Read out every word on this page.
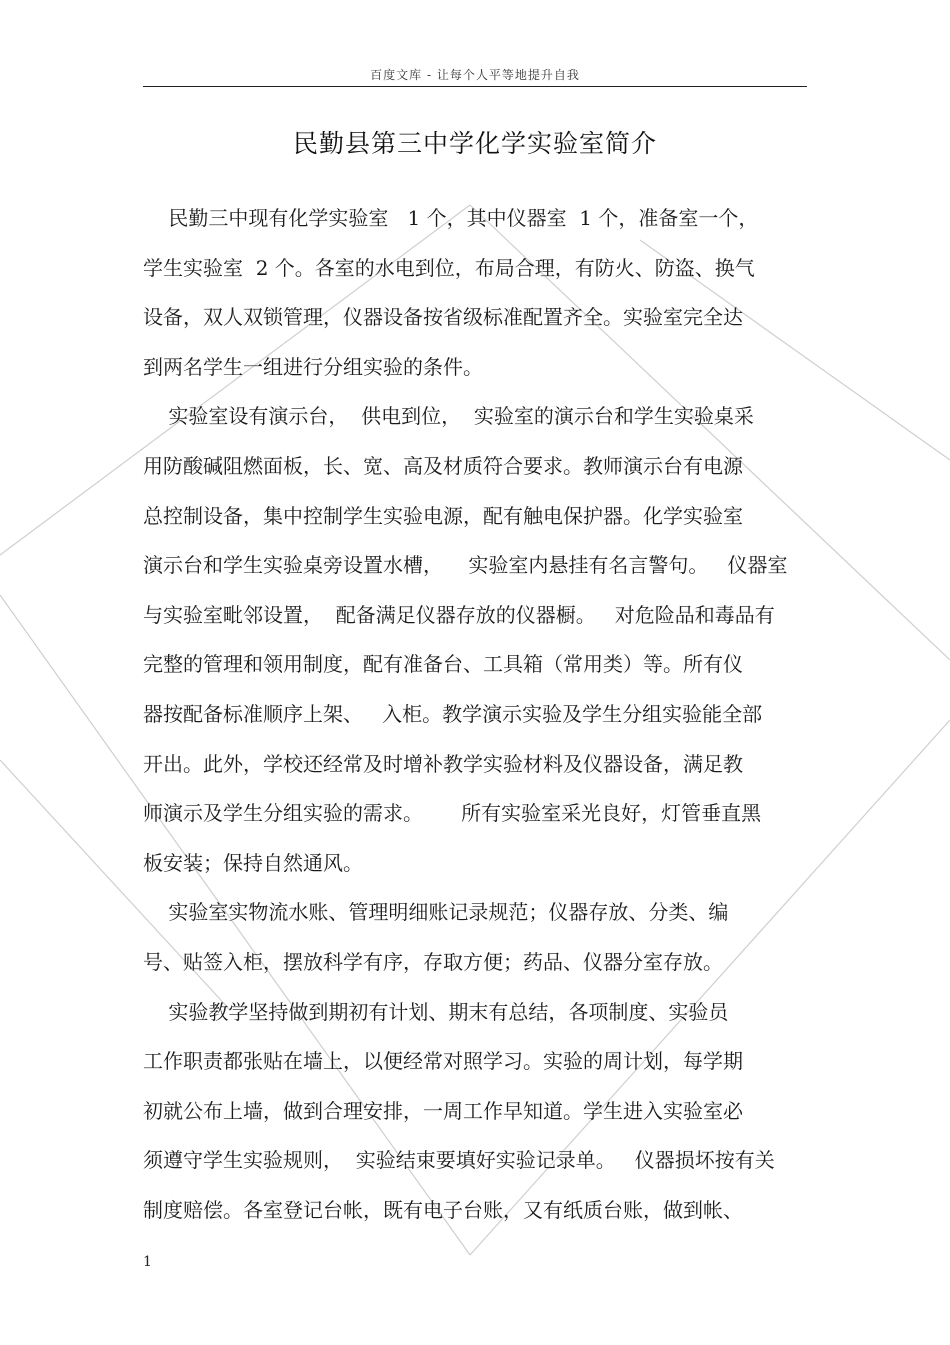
百度文库 - 让每个人平等地提升自我
民勤县第三中学化学实验室简介
民勤三中现有化学实验室   1 个，其中仪器室  1 个，准备室一个，
学生实验室  2 个。各室的水电到位，布局合理，有防火、防盗、换气
设备，双人双锁管理，仪器设备按省级标准配置齐全。实验室完全达
到两名学生一组进行分组实验的条件。
实验室设有演示台，  供电到位，  实验室的演示台和学生实验桌采
用防酸碱阻燃面板，长、宽、高及材质符合要求。教师演示台有电源
总控制设备，集中控制学生实验电源，配有触电保护器。化学实验室
演示台和学生实验桌旁设置水槽，    实验室内悬挂有名言警句。   仪器室
与实验室毗邻设置，  配备满足仪器存放的仪器橱。   对危险品和毒品有
完整的管理和领用制度，配有准备台、工具箱（常用类）等。所有仪
器按配备标准顺序上架、   入柜。教学演示实验及学生分组实验能全部
开出。此外，学校还经常及时增补教学实验材料及仪器设备，满足教
师演示及学生分组实验的需求。      所有实验室采光良好，灯管垂直黑
板安装；保持自然通风。
实验室实物流水账、管理明细账记录规范；仪器存放、分类、编
号、贴签入柜，摆放科学有序，存取方便；药品、仪器分室存放。
实验教学坚持做到期初有计划、期末有总结，各项制度、实验员
工作职责都张贴在墙上，以便经常对照学习。实验的周计划，每学期
初就公布上墙，做到合理安排，一周工作早知道。学生进入实验室必
须遵守学生实验规则，  实验结束要填好实验记录单。   仪器损坏按有关
制度赔偿。各室登记台帐，既有电子台账，又有纸质台账，做到帐、
1
